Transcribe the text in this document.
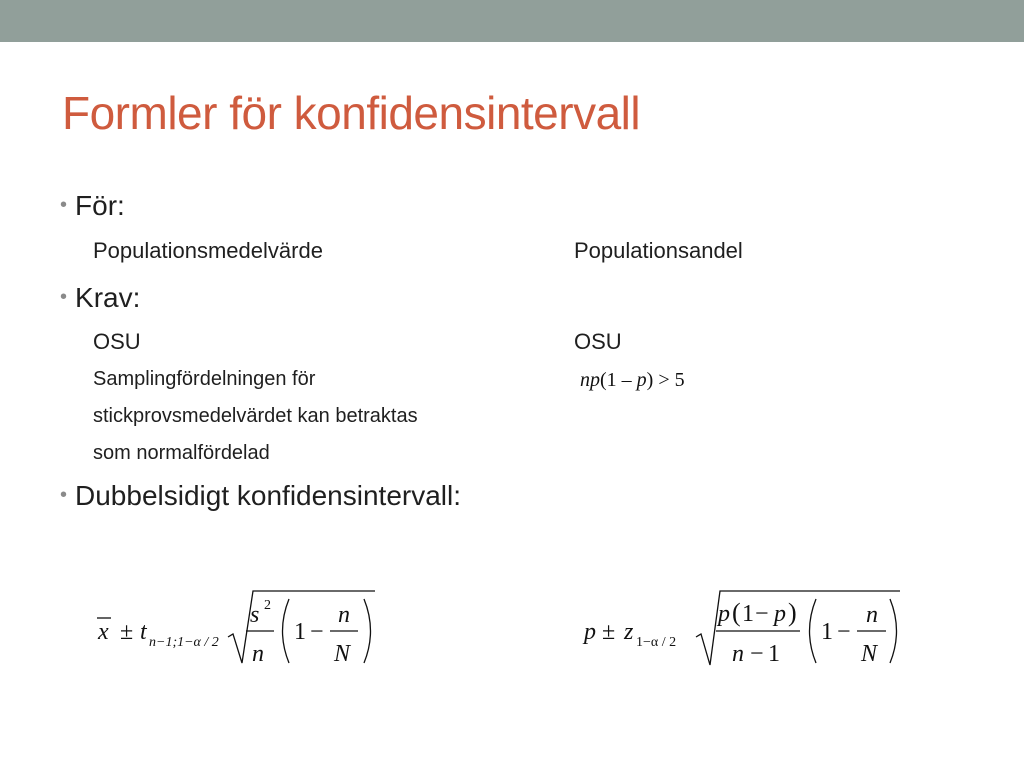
Formler för konfidensintervall
• För:
Populationsmedelvärde	Populationsandel
• Krav:
OSU	OSU
Samplingfördelningen för
stickprovsmedelvärdet kan betraktas
som normalfördelad
np(1 – p) > 5
• Dubbelsidigt konfidensintervall:
x ± t n−1;1−α / 2
s 2
n
1 −
n
N
p ± z 1−α / 2
p ( 1 − p )
n − 1
1 −
n
N
